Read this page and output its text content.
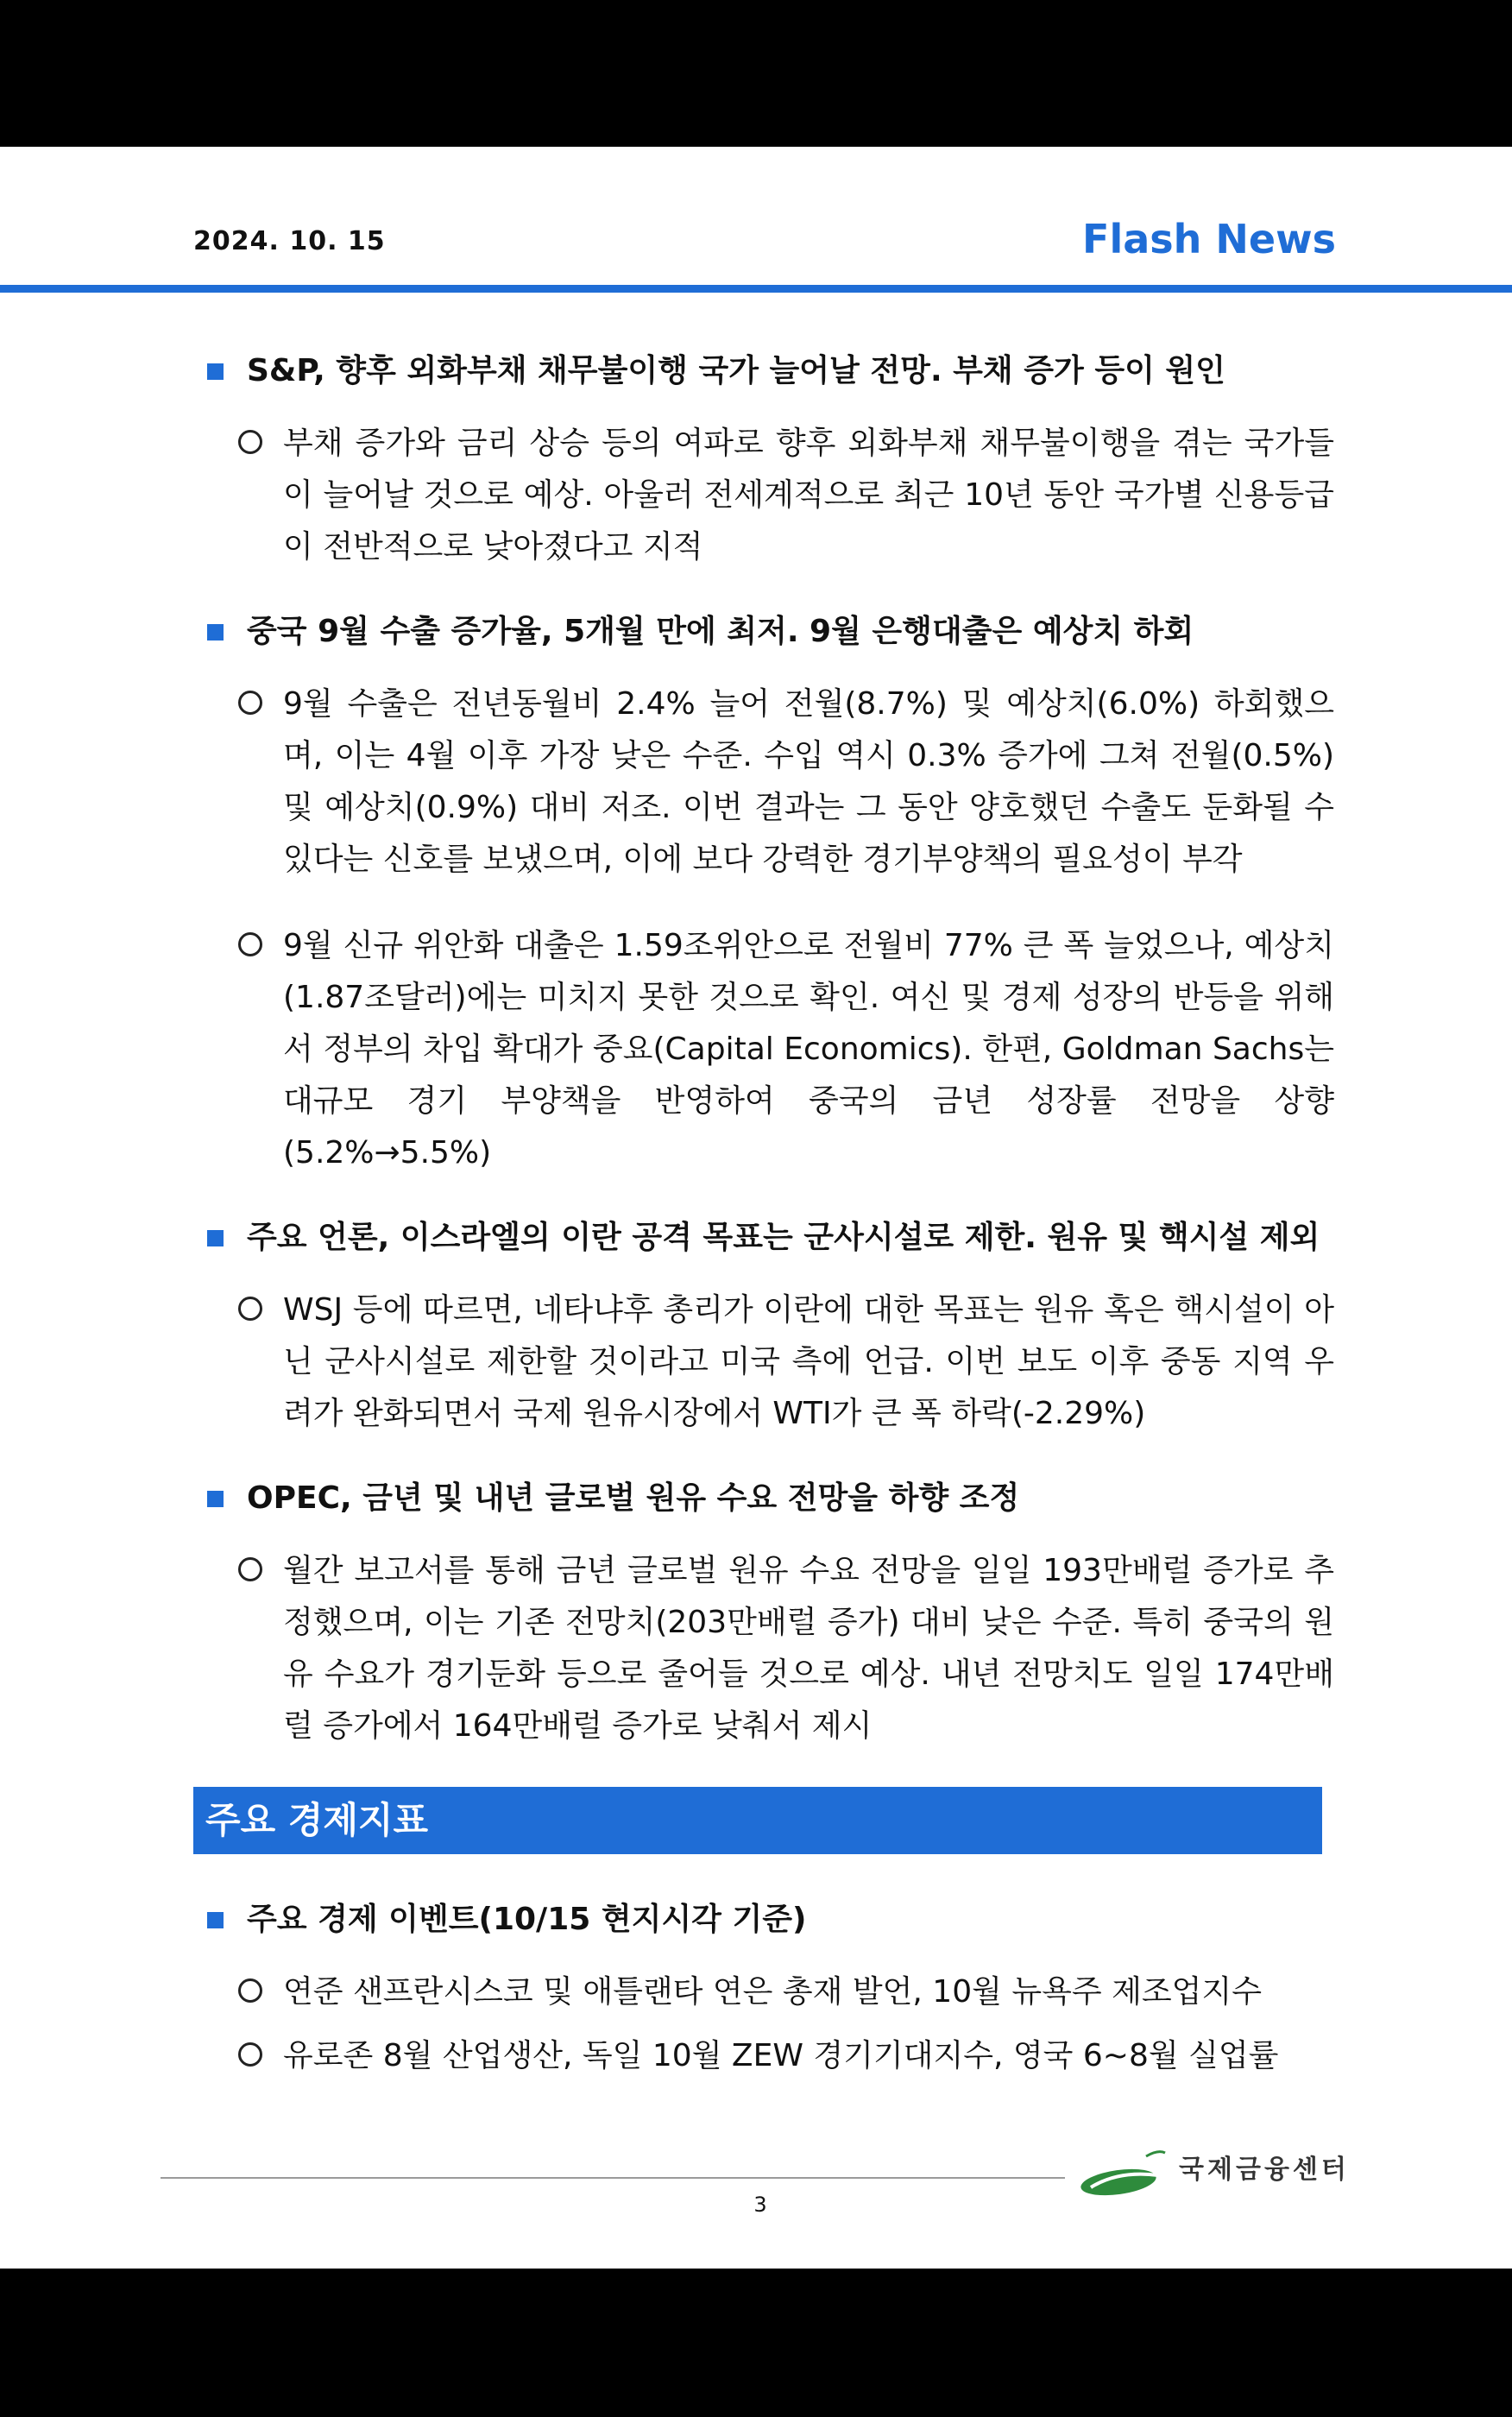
2024. 10. 15	Flash News
S&P, 향후 외화부채 채무불이행 국가 늘어날 전망. 부채 증가 등이 원인
부채 증가와 금리 상승 등의 여파로 향후 외화부채 채무불이행을 겪는 국가들이 늘어날 것으로 예상. 아울러 전세계적으로 최근 10년 동안 국가별 신용등급이 전반적으로 낮아졌다고 지적
중국 9월 수출 증가율, 5개월 만에 최저. 9월 은행대출은 예상치 하회
9월 수출은 전년동월비 2.4% 늘어 전월(8.7%) 및 예상치(6.0%) 하회했으며, 이는 4월 이후 가장 낮은 수준. 수입 역시 0.3% 증가에 그쳐 전월(0.5%) 및 예상치(0.9%) 대비 저조. 이번 결과는 그 동안 양호했던 수출도 둔화될 수 있다는 신호를 보냈으며, 이에 보다 강력한 경기부양책의 필요성이 부각
9월 신규 위안화 대출은 1.59조위안으로 전월비 77% 큰 폭 늘었으나, 예상치(1.87조달러)에는 미치지 못한 것으로 확인. 여신 및 경제 성장의 반등을 위해서 정부의 차입 확대가 중요(Capital Economics). 한편, Goldman Sachs는 대규모 경기 부양책을 반영하여 중국의 금년 성장률 전망을 상향(5.2%→5.5%)
주요 언론, 이스라엘의 이란 공격 목표는 군사시설로 제한. 원유 및 핵시설 제외
WSJ 등에 따르면, 네타냐후 총리가 이란에 대한 목표는 원유 혹은 핵시설이 아닌 군사시설로 제한할 것이라고 미국 측에 언급. 이번 보도 이후 중동 지역 우려가 완화되면서 국제 원유시장에서 WTI가 큰 폭 하락(-2.29%)
OPEC, 금년 및 내년 글로벌 원유 수요 전망을 하향 조정
월간 보고서를 통해 금년 글로벌 원유 수요 전망을 일일 193만배럴 증가로 추정했으며, 이는 기존 전망치(203만배럴 증가) 대비 낮은 수준. 특히 중국의 원유 수요가 경기둔화 등으로 줄어들 것으로 예상. 내년 전망치도 일일 174만배럴 증가에서 164만배럴 증가로 낮춰서 제시
주요 경제지표
주요 경제 이벤트(10/15 현지시각 기준)
연준 샌프란시스코 및 애틀랜타 연은 총재 발언, 10월 뉴욕주 제조업지수
유로존 8월 산업생산, 독일 10월 ZEW 경기기대지수, 영국 6~8월 실업률
국제금융센터
3
